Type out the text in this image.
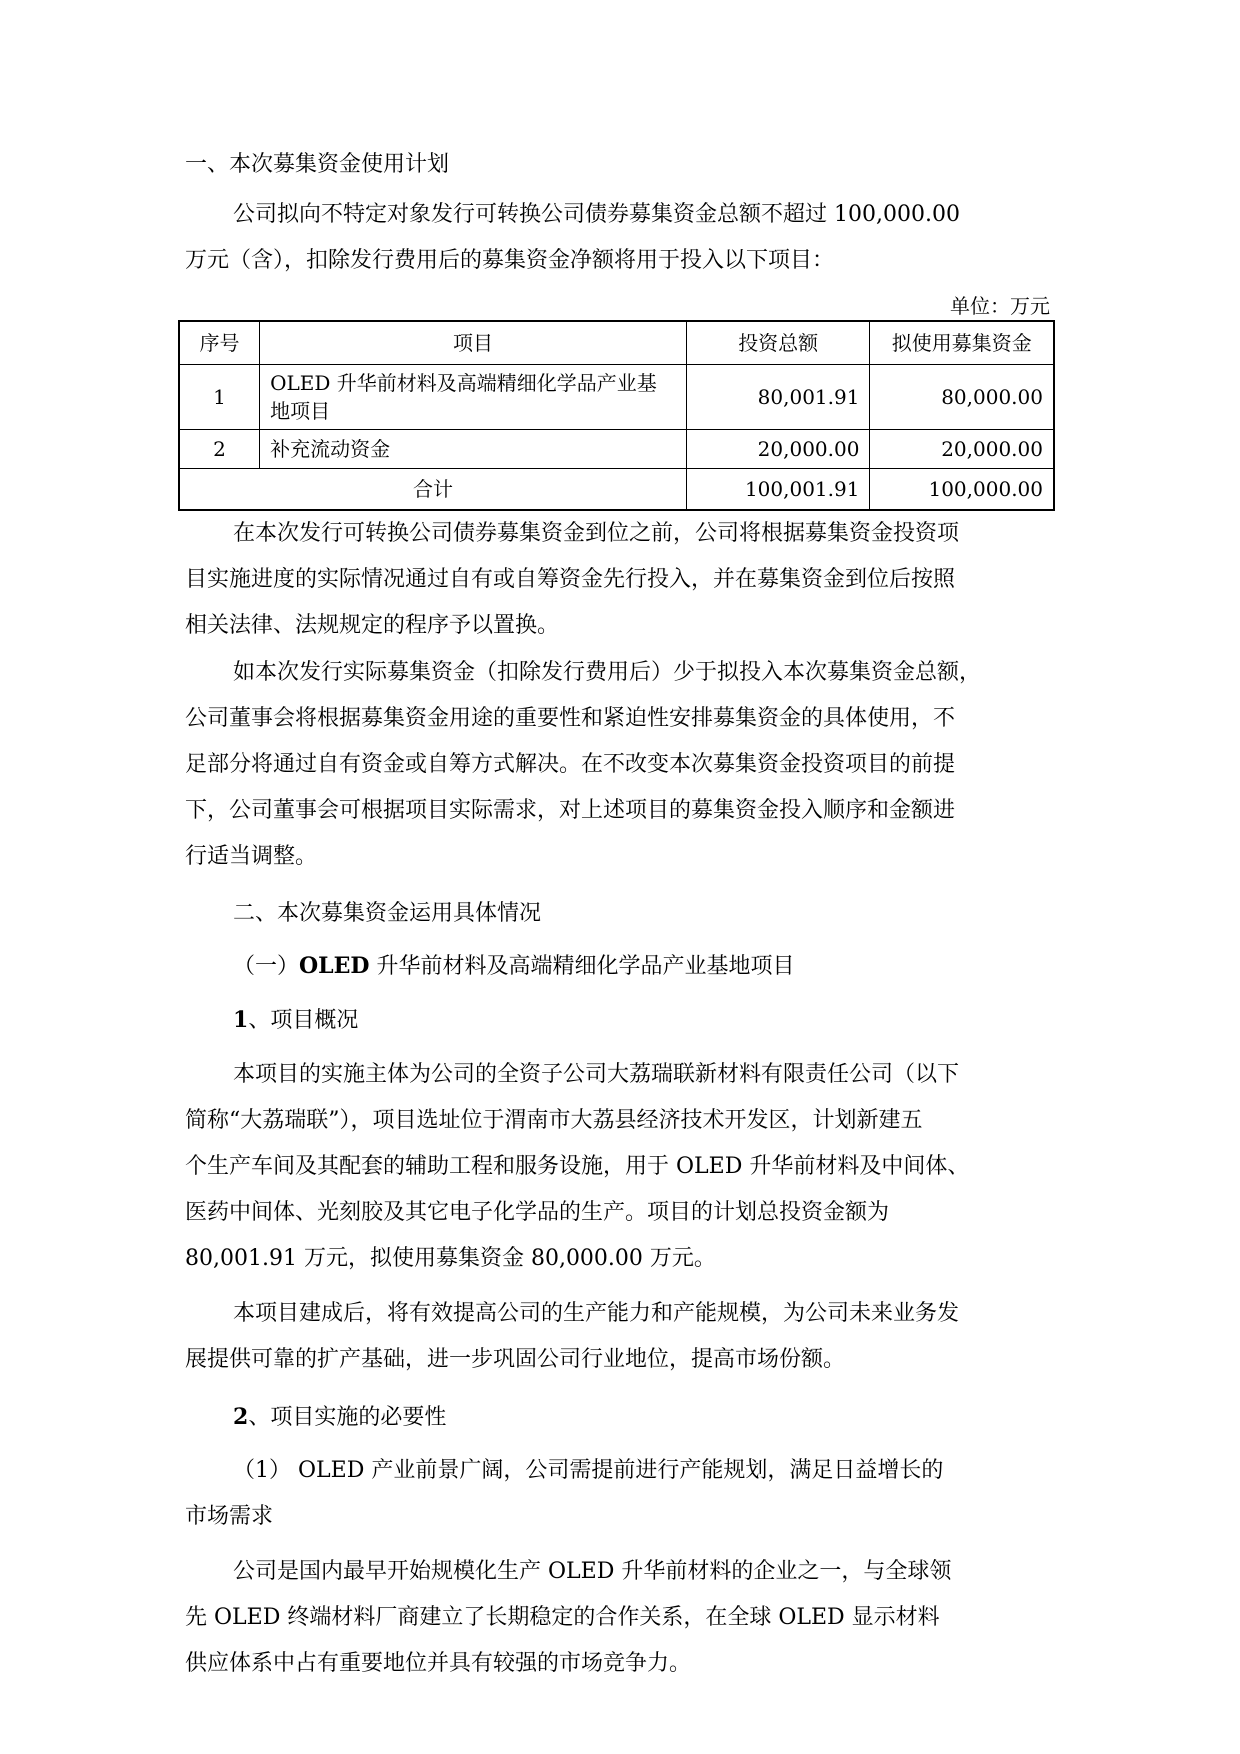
一、本次募集资金使用计划
公司拟向不特定对象发行可转换公司债券募集资金总额不超过 100,000.00
万元（含），扣除发行费用后的募集资金净额将用于投入以下项目：
单位：万元
序号	项目	投资总额	拟使用募集资金
1	OLED 升华前材料及高端精细化学品产业基地项目	80,001.91	80,000.00
2	补充流动资金	20,000.00	20,000.00
合计		100,001.91	100,000.00
在本次发行可转换公司债券募集资金到位之前，公司将根据募集资金投资项
目实施进度的实际情况通过自有或自筹资金先行投入，并在募集资金到位后按照
相关法律、法规规定的程序予以置换。
如本次发行实际募集资金（扣除发行费用后）少于拟投入本次募集资金总额，
公司董事会将根据募集资金用途的重要性和紧迫性安排募集资金的具体使用，不
足部分将通过自有资金或自筹方式解决。在不改变本次募集资金投资项目的前提
下，公司董事会可根据项目实际需求，对上述项目的募集资金投入顺序和金额进
行适当调整。
二、本次募集资金运用具体情况
（一）OLED 升华前材料及高端精细化学品产业基地项目
1、项目概况
本项目的实施主体为公司的全资子公司大荔瑞联新材料有限责任公司（以下
简称“大荔瑞联”），项目选址位于渭南市大荔县经济技术开发区，计划新建五
个生产车间及其配套的辅助工程和服务设施，用于 OLED 升华前材料及中间体、
医药中间体、光刻胶及其它电子化学品的生产。项目的计划总投资金额为
80,001.91 万元，拟使用募集资金 80,000.00 万元。
本项目建成后，将有效提高公司的生产能力和产能规模，为公司未来业务发
展提供可靠的扩产基础，进一步巩固公司行业地位，提高市场份额。
2、项目实施的必要性
（1） OLED 产业前景广阔，公司需提前进行产能规划，满足日益增长的
市场需求
公司是国内最早开始规模化生产 OLED 升华前材料的企业之一，与全球领
先 OLED 终端材料厂商建立了长期稳定的合作关系，在全球 OLED 显示材料
供应体系中占有重要地位并具有较强的市场竞争力。
